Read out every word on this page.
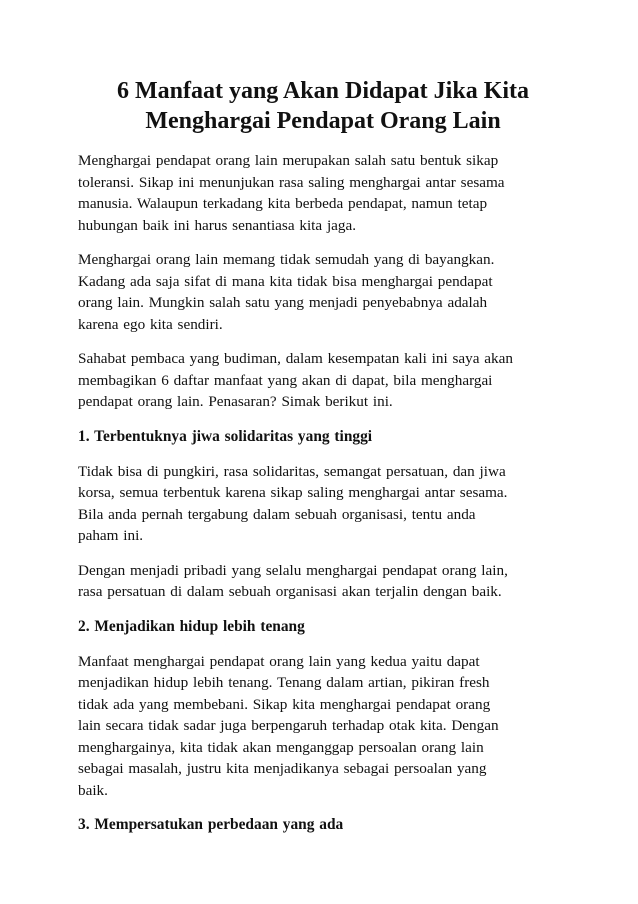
6 Manfaat yang Akan Didapat Jika Kita Menghargai Pendapat Orang Lain

Menghargai pendapat orang lain merupakan salah satu bentuk sikap
toleransi. Sikap ini menunjukan rasa saling menghargai antar sesama
manusia. Walaupun terkadang kita berbeda pendapat, namun tetap
hubungan baik ini harus senantiasa kita jaga.

Menghargai orang lain memang tidak semudah yang di bayangkan.
Kadang ada saja sifat di mana kita tidak bisa menghargai pendapat
orang lain. Mungkin salah satu yang menjadi penyebabnya adalah
karena ego kita sendiri.

Sahabat pembaca yang budiman, dalam kesempatan kali ini saya akan
membagikan 6 daftar manfaat yang akan di dapat, bila menghargai
pendapat orang lain. Penasaran? Simak berikut ini.

1. Terbentuknya jiwa solidaritas yang tinggi

Tidak bisa di pungkiri, rasa solidaritas, semangat persatuan, dan jiwa
korsa, semua terbentuk karena sikap saling menghargai antar sesama.
Bila anda pernah tergabung dalam sebuah organisasi, tentu anda
paham ini.

Dengan menjadi pribadi yang selalu menghargai pendapat orang lain,
rasa persatuan di dalam sebuah organisasi akan terjalin dengan baik.

2. Menjadikan hidup lebih tenang

Manfaat menghargai pendapat orang lain yang kedua yaitu dapat
menjadikan hidup lebih tenang. Tenang dalam artian, pikiran fresh
tidak ada yang membebani. Sikap kita menghargai pendapat orang
lain secara tidak sadar juga berpengaruh terhadap otak kita. Dengan
menghargainya, kita tidak akan menganggap persoalan orang lain
sebagai masalah, justru kita menjadikanya sebagai persoalan yang
baik.

3. Mempersatukan perbedaan yang ada
